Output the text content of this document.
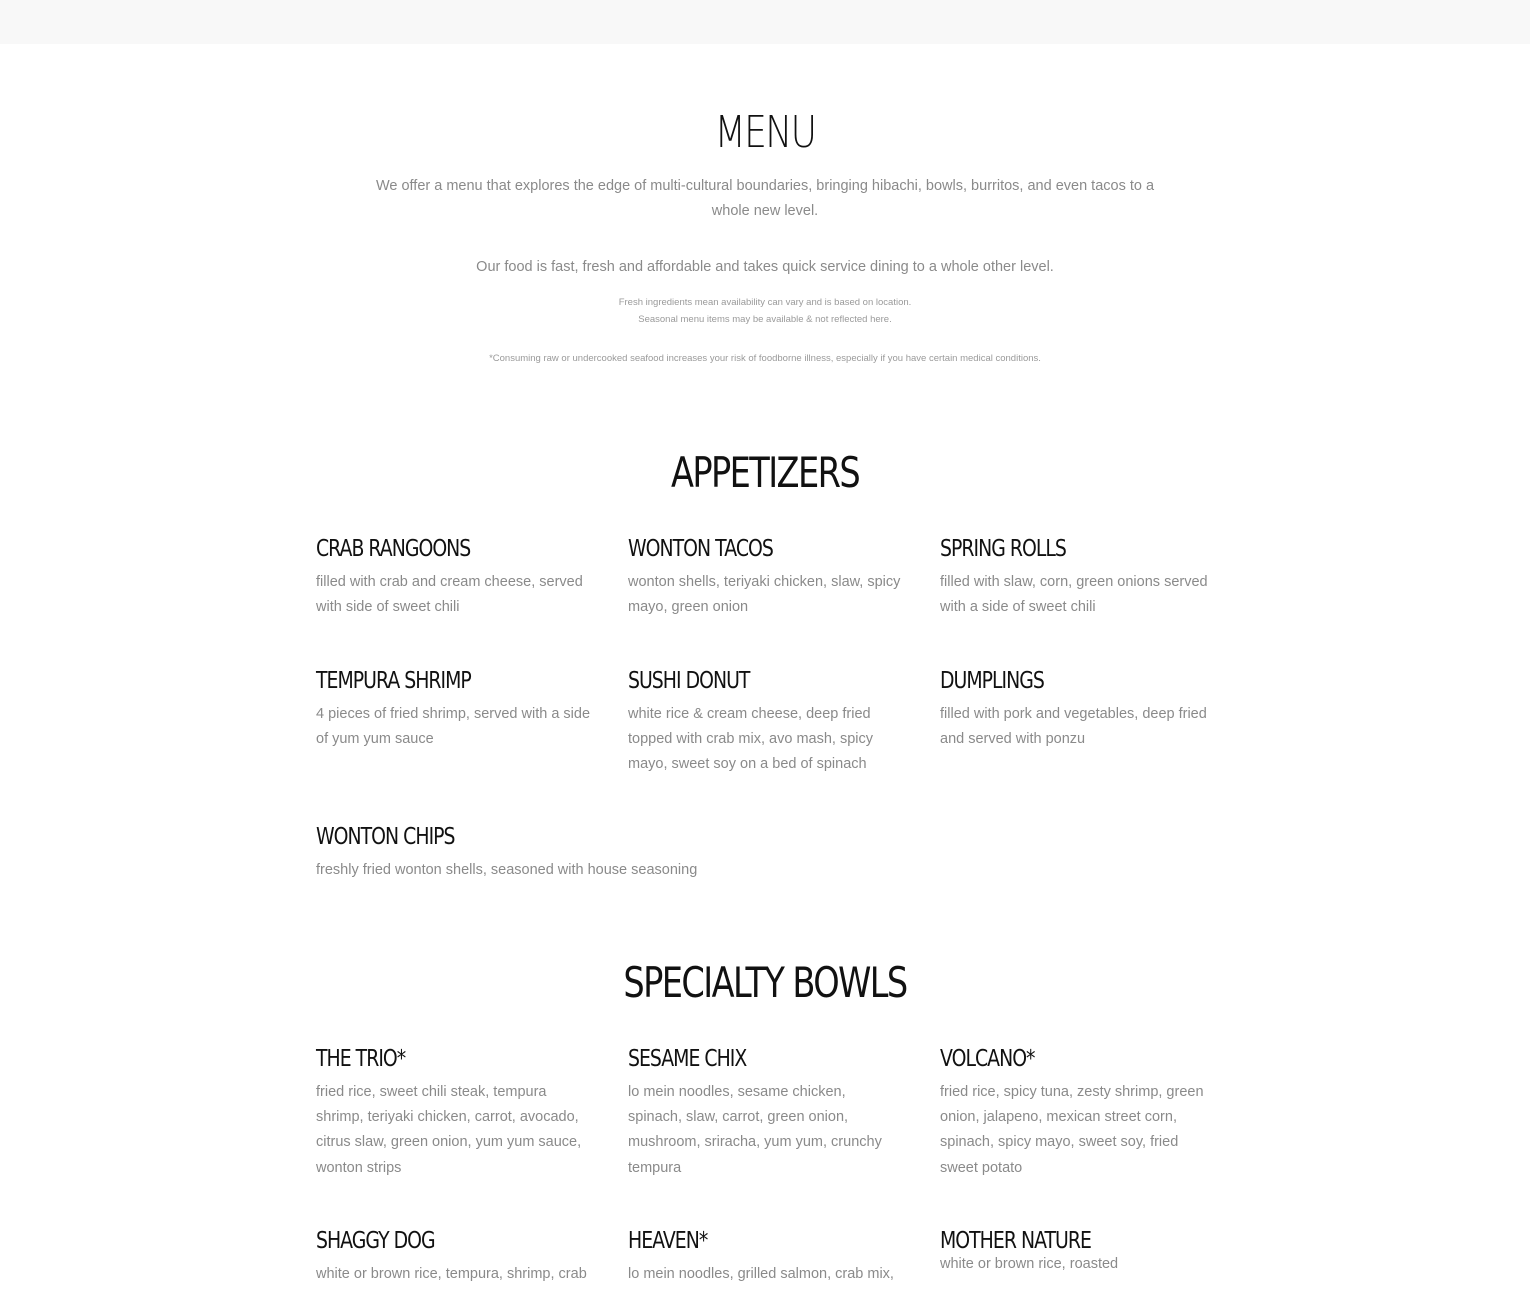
MENU
We offer a menu that explores the edge of multi-cultural boundaries, bringing hibachi, bowls, burritos, and even tacos to a whole new level.
Our food is fast, fresh and affordable and takes quick service dining to a whole other level.
Fresh ingredients mean availability can vary and is based on location.
Seasonal menu items may be available & not reflected here.
*Consuming raw or undercooked seafood increases your risk of foodborne illness, especially if you have certain medical conditions.
APPETIZERS
CRAB RANGOONS
filled with crab and cream cheese, served with side of sweet chili
WONTON TACOS
wonton shells, teriyaki chicken, slaw, spicy mayo, green onion
SPRING ROLLS
filled with slaw, corn, green onions served with a side of sweet chili
TEMPURA SHRIMP
4 pieces of fried shrimp, served with a side of yum yum sauce
SUSHI DONUT
white rice & cream cheese, deep fried topped with crab mix, avo mash, spicy mayo, sweet soy on a bed of spinach
DUMPLINGS
filled with pork and vegetables, deep fried and served with ponzu
WONTON CHIPS
freshly fried wonton shells, seasoned with house seasoning
SPECIALTY BOWLS
THE TRIO*
fried rice, sweet chili steak, tempura shrimp, teriyaki chicken, carrot, avocado, citrus slaw, green onion, yum yum sauce, wonton strips
SESAME CHIX
lo mein noodles, sesame chicken, spinach, slaw, carrot, green onion, mushroom, sriracha, yum yum, crunchy tempura
VOLCANO*
fried rice, spicy tuna, zesty shrimp, green onion, jalapeno, mexican street corn, spinach, spicy mayo, sweet soy, fried sweet potato
SHAGGY DOG
white or brown rice, tempura, shrimp, crab
HEAVEN*
lo mein noodles, grilled salmon, crab mix,
MOTHER NATURE
white or brown rice, roasted
